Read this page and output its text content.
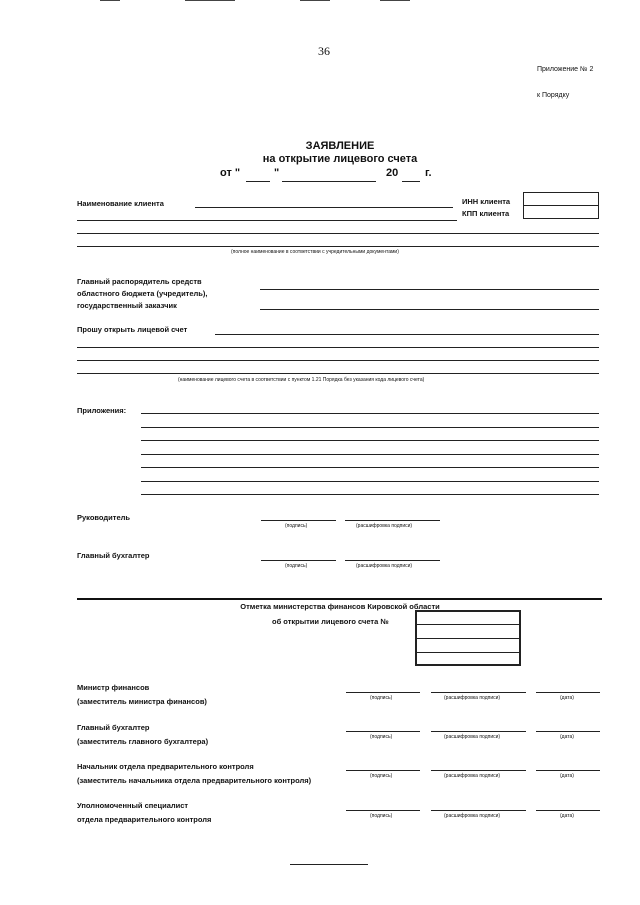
36
Приложение № 2
к Порядку
ЗАЯВЛЕНИЕ
на открытие лицевого счета
от "	"	20 г.
Наименование клиента	ИНН клиента
КПП клиента
(полное наименование в соответствии с учредительными документами)
Главный распорядитель средств
областного бюджета (учредитель),
государственный заказчик
Прошу открыть лицевой счет
(наименование лицевого счета в соответствии с пунктом 1.21 Порядка без указания кода лицевого счета)
Приложения:
Руководитель
(подпись)	(расшифровка подписи)
Главный бухгалтер
(подпись)	(расшифровка подписи)
Отметка министерства финансов Кировской области
об открытии лицевого счета №
Министр финансов
(заместитель министра финансов)	(подпись)	(расшифровка подписи)	(дата)
Главный бухгалтер
(заместитель главного бухгалтера)	(подпись)	(расшифровка подписи)	(дата)
Начальник отдела предварительного контроля
(заместитель начальника отдела предварительного контроля)	(подпись)	(расшифровка подписи)	(дата)
Уполномоченный специалист
отдела предварительного контроля	(подпись)	(расшифровка подписи)	(дата)
